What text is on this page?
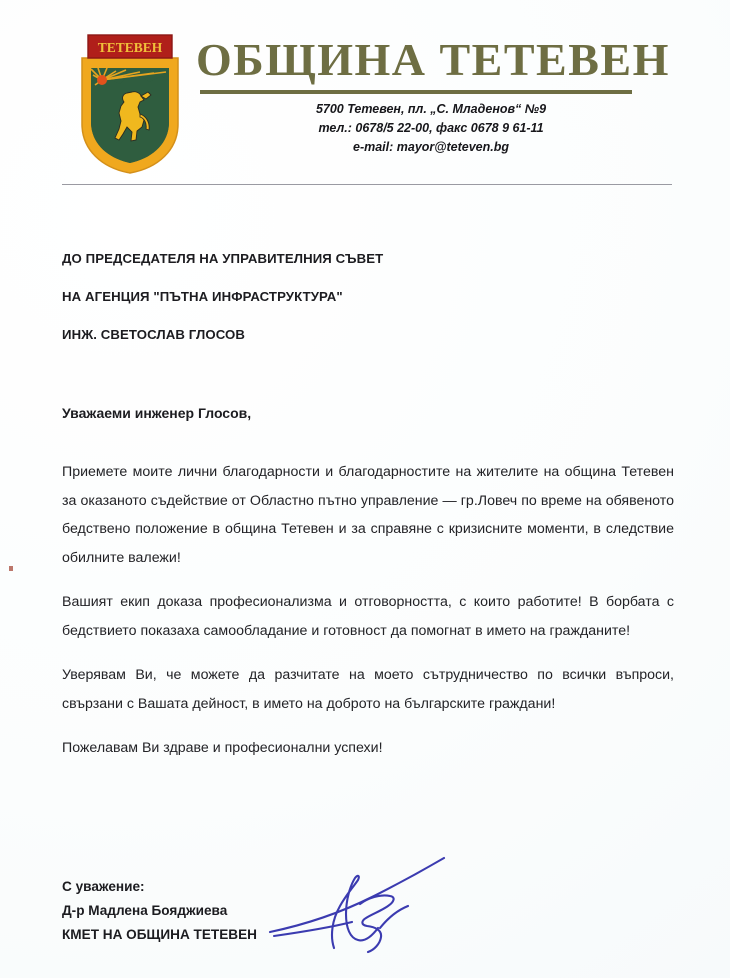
ТЕТЕВЕН ОБЩИНА ТЕТЕВЕН
5700 Тетевен, пл. „С. Младенов“ №9
тел.: 0678/5 22-00, факс 0678 9 61-11
e-mail: mayor@teteven.bg
ДО ПРЕДСЕДАТЕЛЯ НА УПРАВИТЕЛНИЯ СЪВЕТ
НА АГЕНЦИЯ "ПЪТНА ИНФРАСТРУКТУРА"
ИНЖ. СВЕТОСЛАВ ГЛОСОВ
Уважаеми инженер Глосов,

Приемете моите лични благодарности и благодарностите на жителите на община Тетевен за оказаното съдействие от Областно пътно управление — гр.Ловеч по време на обявеното бедствено положение в община Тетевен и за справяне с кризисните моменти, в следствие обилните валежи!

Вашият екип доказа професионализма и отговорността, с които работите! В борбата с бедствието показаха самообладание и готовност да помогнат в името на гражданите!

Уверявам Ви, че можете да разчитате на моето сътрудничество по всички въпроси, свързани с Вашата дейност, в името на доброто на българските граждани!

Пожелавам Ви здраве и професионални успехи!

С уважение:
Д-р Мадлена Бояджиева
КМЕТ НА ОБЩИНА ТЕТЕВЕН
